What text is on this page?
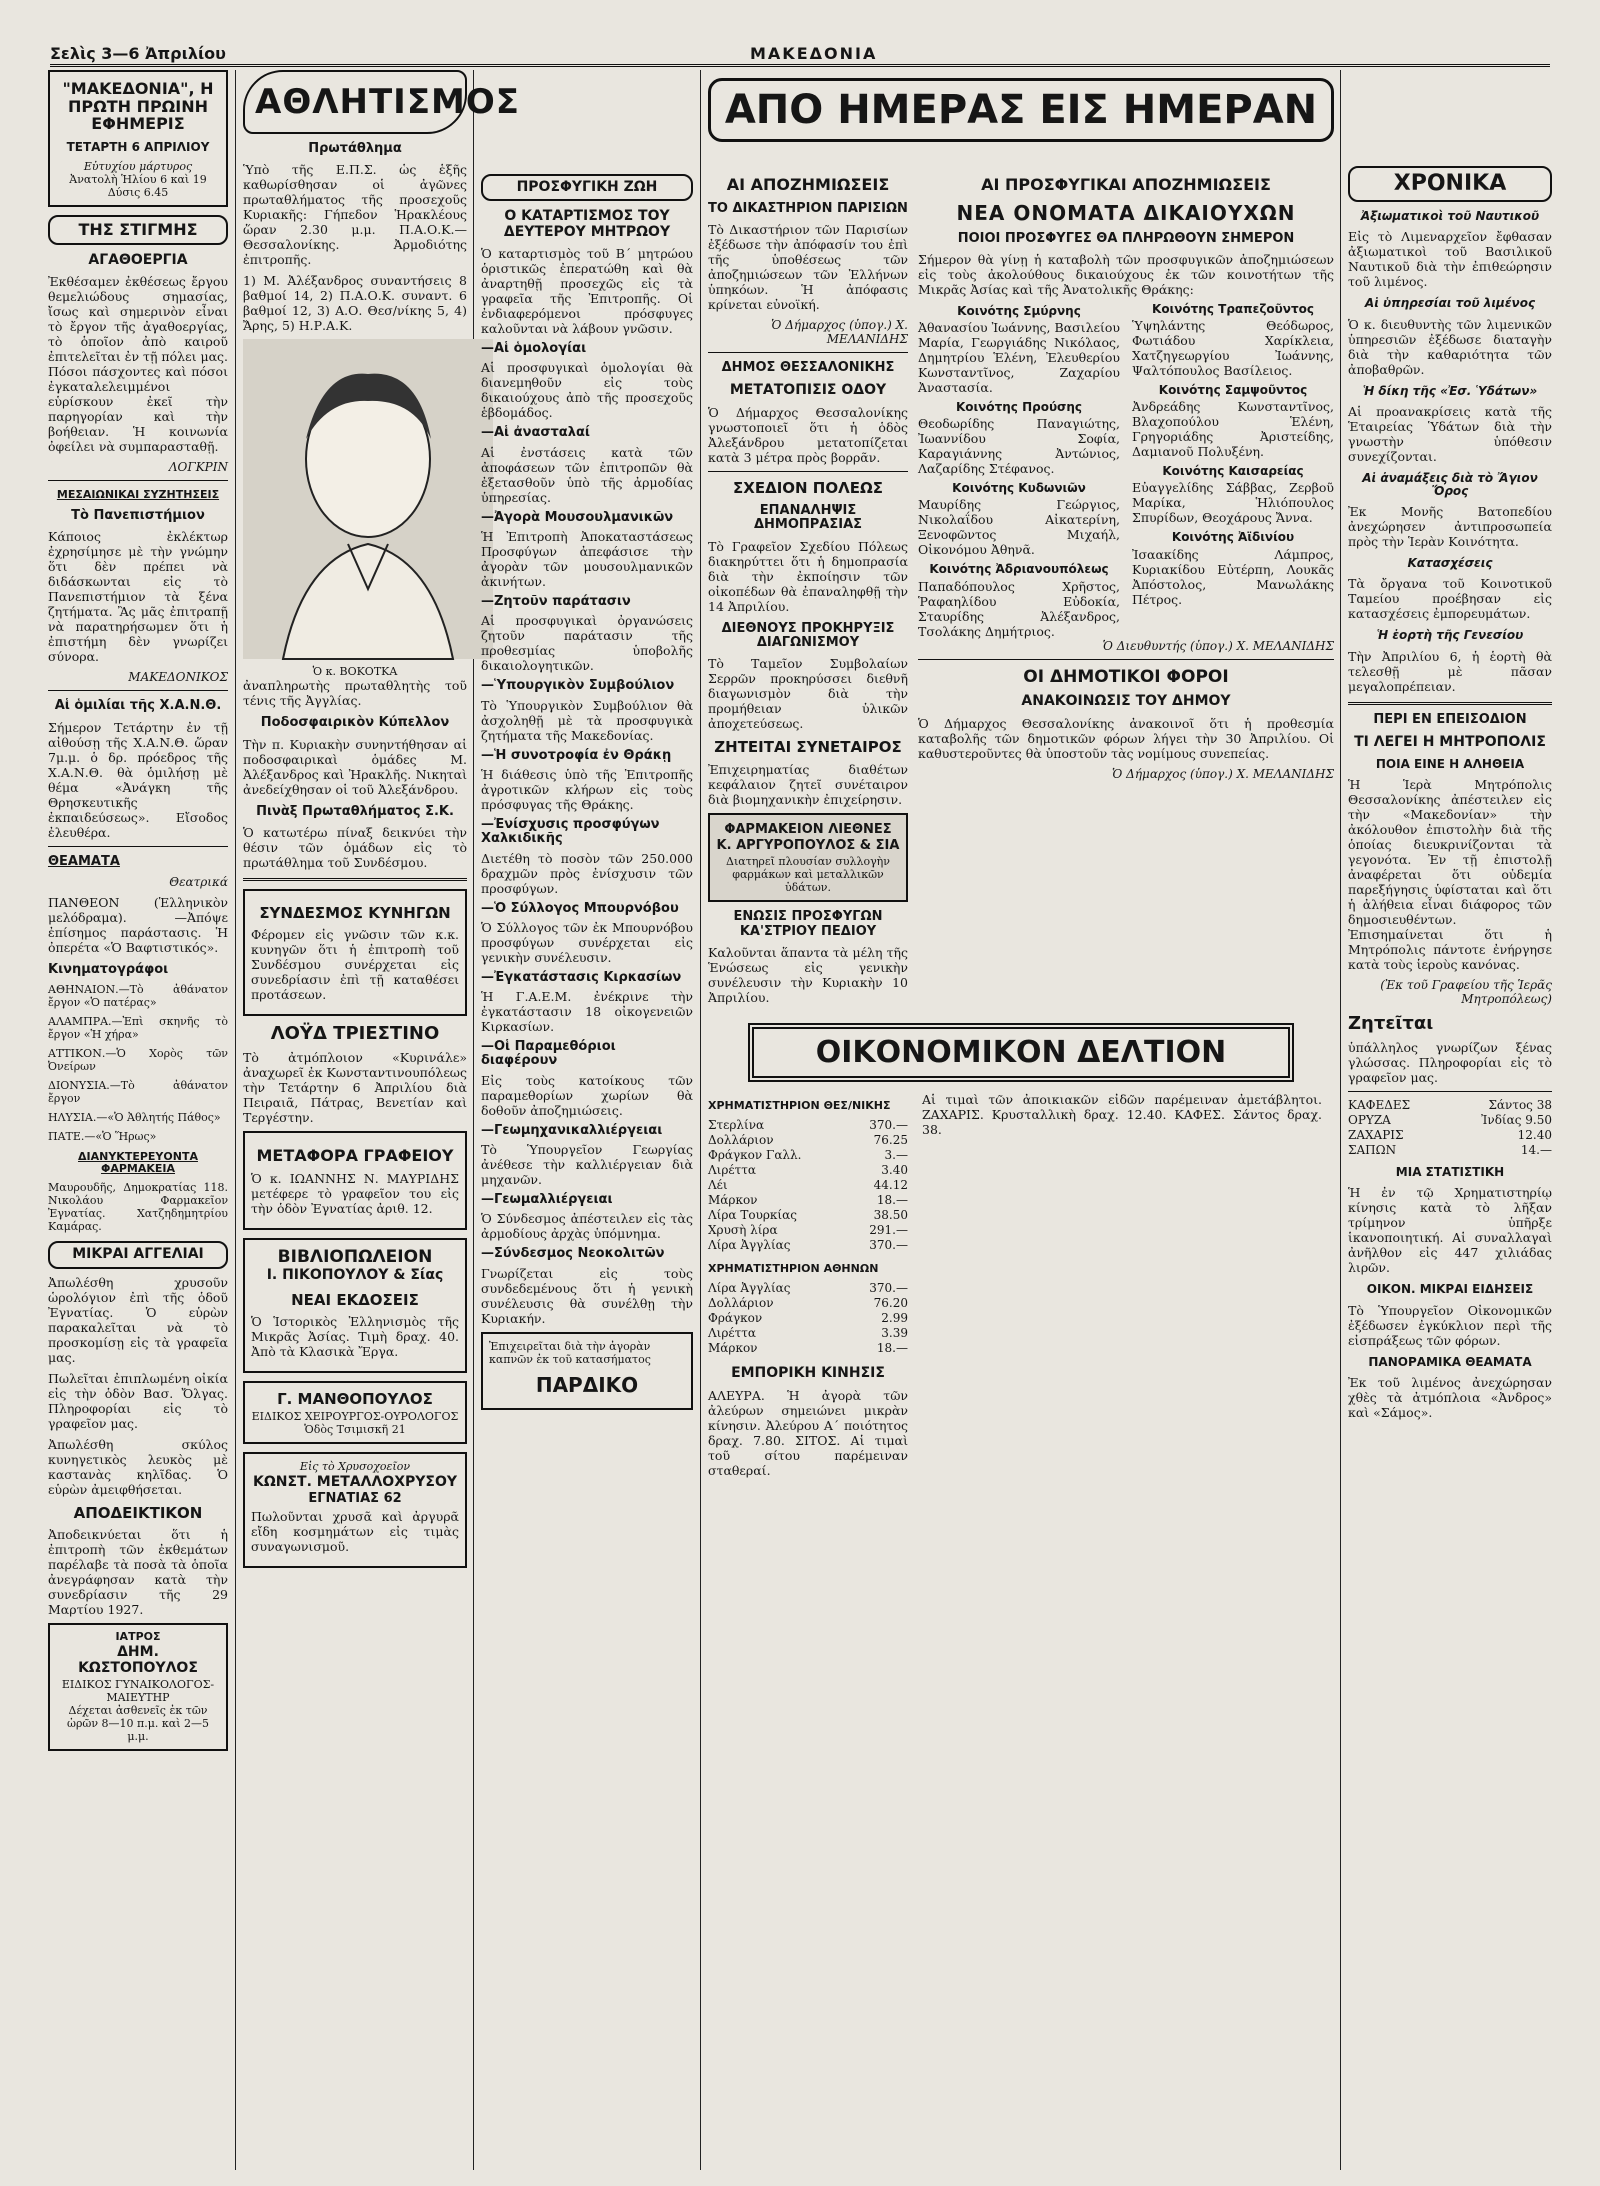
Σελὶς 3—6 Ἀπριλίου	ΜΑΚΕΔΟΝΙΑ
"ΜΑΚΕΔΟΝΙΑ", Η ΠΡΩΤΗ ΠΡΩΙΝΗ ΕΦΗΜΕΡΙΣ
ΤΕΤΑΡΤΗ 6 ΑΠΡΙΛΙΟΥ
Εὐτυχίου μάρτυρος
Ἀνατολὴ Ἡλίου 6 καὶ 19 Δύσις 6.45
ΤΗΣ ΣΤΙΓΜΗΣ
ΑΓΑΘΟΕΡΓΙΑ

Ἐκθέσαμεν ἐκθέσεως ἔργου θεμελιώδους σημασίας, ἴσως καὶ σημερινὸν εἶναι τὸ ἔργον τῆς ἀγαθοεργίας, τὸ ὁποῖον ἀπὸ καιροῦ ἐπιτελεῖται ἐν τῇ πόλει μας. Πόσοι πάσχοντες καὶ πόσοι ἐγκαταλελειμμένοι εὑρίσκουν ἐκεῖ τὴν παρηγορίαν καὶ τὴν βοήθειαν. Ἡ κοινωνία ὀφείλει νὰ συμπαρασταθῇ.

ΛΟΓΚΡΙΝ
ΜΕΣΑΙΩΝΙΚΑΙ ΣΥΖΗΤΗΣΕΙΣ
Τὸ Πανεπιστήμιον

Κάποιος ἐκλέκτωρ ἐχρησίμησε μὲ τὴν γνώμην ὅτι δὲν πρέπει νὰ διδάσκωνται εἰς τὸ Πανεπιστήμιον τὰ ξένα ζητήματα. Ἂς μᾶς ἐπιτραπῇ νὰ παρατηρήσωμεν ὅτι ἡ ἐπιστήμη δὲν γνωρίζει σύνορα.

ΜΑΚΕΔΟΝΙΚΟΣ
Αἱ ὁμιλίαι τῆς Χ.Α.Ν.Θ.

Σήμερον Τετάρτην ἐν τῇ αἰθούσῃ τῆς Χ.Α.Ν.Θ. ὥραν 7μ.μ. ὁ δρ. πρόεδρος τῆς Χ.Α.Ν.Θ. θὰ ὁμιλήσῃ μὲ θέμα «Ἀνάγκη τῆς Θρησκευτικῆς ἐκπαιδεύσεως». Εἴσοδος ἐλευθέρα.

ΘΕΑΜΑΤΑ
Θεατρικά

ΠΑΝΘΕΟΝ (Ἑλληνικὸν μελόδραμα). —Ἀπόψε ἐπίσημος παράστασις. Ἡ ὀπερέτα «Ὁ Βαφτιστικός».

Κινηματογράφοι

ΑΘΗΝΑΙΟΝ.—Τὸ ἀθάνατον ἔργον «Ὁ πατέρας»

ΑΛΑΜΠΡΑ.—Ἐπὶ σκηνῆς τὸ ἔργον «Ἡ χήρα»

ΑΤΤΙΚΟΝ.—Ὁ Χορὸς τῶν Ὀνείρων

ΔΙΟΝΥΣΙΑ.—Τὸ ἀθάνατον ἔργον

ΗΛΥΣΙΑ.—«Ὁ Ἀθλητής Πάθος»

ΠΑΤΕ.—«Ὁ Ἥρως»

ΔΙΑΝΥΚΤΕΡΕΥΟΝΤΑ ΦΑΡΜΑΚΕΙΑ

Μαυρουδῆς, Δημοκρατίας 118. Νικολάου Φαρμακεῖον Ἐγνατίας. Χατζηδημητρίου Καμάρας.

ΜΙΚΡΑΙ ΑΓΓΕΛΙΑΙ

Ἀπωλέσθη χρυσοῦν ὡρολόγιον ἐπὶ τῆς ὁδοῦ Ἐγνατίας. Ὁ εὑρὼν παρακαλεῖται νὰ τὸ προσκομίσῃ εἰς τὰ γραφεῖα μας.

Πωλεῖται ἐπιπλωμένη οἰκία εἰς τὴν ὁδὸν Βασ. Ὄλγας. Πληροφορίαι εἰς τὸ γραφεῖον μας.

Ἀπωλέσθη σκύλος κυνηγετικὸς λευκὸς μὲ καστανὰς κηλῖδας. Ὁ εὑρὼν ἀμειφθήσεται.

ΑΠΟΔΕΙΚΤΙΚΟΝ

Ἀποδεικνύεται ὅτι ἡ ἐπιτροπὴ τῶν ἐκθεμάτων παρέλαβε τὰ ποσὰ τὰ ὁποῖα ἀνεγράφησαν κατὰ τὴν συνεδρίασιν τῆς 29 Μαρτίου 1927.

ΙΑΤΡΟΣ
ΔΗΜ. ΚΩΣΤΟΠΟΥΛΟΣ
ΕΙΔΙΚΟΣ ΓΥΝΑΙΚΟΛΟΓΟΣ-ΜΑΙΕΥΤΗΡ
Δέχεται ἀσθενεῖς ἐκ τῶν ὡρῶν 8—10 π.μ. καὶ 2—5 μ.μ.
ΑΘΛΗΤΙΣΜΟΣ
Πρωτάθλημα

Ὑπὸ τῆς Ε.Π.Σ. ὡς ἑξῆς καθωρίσθησαν οἱ ἀγῶνες πρωταθλήματος τῆς προσεχοῦς Κυριακῆς: Γήπεδον Ἡρακλέους ὥραν 2.30 μ.μ. Π.Α.Ο.Κ.—Θεσσαλονίκης. Ἀρμοδιότης ἐπιτροπῆς.

1) Μ. Ἀλέξανδρος συναντήσεις 8 βαθμοί 14, 2) Π.Α.Ο.Κ. συναντ. 6 βαθμοί 12, 3) Α.Ο. Θεσ/νίκης 5, 4) Ἄρης, 5) Η.Ρ.Α.Κ.

Ὁ κ. ΒΟΚΟΤΚΑ

ἀναπληρωτὴς πρωταθλητὴς τοῦ τένις τῆς Ἀγγλίας.

Ποδοσφαιρικὸν Κύπελλον

Τὴν π. Κυριακὴν συνηντήθησαν αἱ ποδοσφαιρικαὶ ὁμάδες Μ. Ἀλέξανδρος καὶ Ἠρακλῆς. Νικηταὶ ἀνεδείχθησαν οἱ τοῦ Ἀλεξάνδρου.

Πινὰξ Πρωταθλήματος Σ.Κ.

Ὁ κατωτέρω πίναξ δεικνύει τὴν θέσιν τῶν ὁμάδων εἰς τὸ πρωτάθλημα τοῦ Συνδέσμου.

ΣΥΝΔΕΣΜΟΣ ΚΥΝΗΓΩΝ

Φέρομεν εἰς γνῶσιν τῶν κ.κ. κυνηγῶν ὅτι ἡ ἐπιτροπὴ τοῦ Συνδέσμου συνέρχεται εἰς συνεδρίασιν ἐπὶ τῇ καταθέσει προτάσεων.

ΛΟΫΔ ΤΡΙΕΣΤΙΝΟ

Τὸ ἀτμόπλοιον «Κυρινάλε» ἀναχωρεῖ ἐκ Κωνσταντινουπόλεως τὴν Τετάρτην 6 Ἀπριλίου διὰ Πειραιᾶ, Πάτρας, Βενετίαν καὶ Τεργέστην.

ΜΕΤΑΦΟΡΑ ΓΡΑΦΕΙΟΥ

Ὁ κ. ΙΩΑΝΝΗΣ Ν. ΜΑΥΡΙΔΗΣ μετέφερε τὸ γραφεῖον του εἰς τὴν ὁδὸν Ἐγνατίας ἀριθ. 12.

ΒΙΒΛΙΟΠΩΛΕΙΟΝ
Ι. ΠΙΚΟΠΟΥΛΟΥ & Σίας
ΝΕΑΙ ΕΚΔΟΣΕΙΣ

Ὁ Ἱστορικὸς Ἑλληνισμὸς τῆς Μικρᾶς Ἀσίας. Τιμὴ δραχ. 40. Ἀπὸ τὰ Κλασικὰ Ἔργα.

Γ. ΜΑΝΘΟΠΟΥΛΟΣ
ΕΙΔΙΚΟΣ ΧΕΙΡΟΥΡΓΟΣ-ΟΥΡΟΛΟΓΟΣ
Ὁδὸς Τσιμισκῆ 21
Εἰς τὸ Χρυσοχοεῖον
ΚΩΝΣΤ. ΜΕΤΑΛΛΟΧΡΥΣΟΥ
ΕΓΝΑΤΙΑΣ 62

Πωλοῦνται χρυσᾶ καὶ ἀργυρᾶ εἴδη κοσμημάτων εἰς τιμὰς συναγωνισμοῦ.

ΑΠΟ ΗΜΕΡΑΣ ΕΙΣ ΗΜΕΡΑΝ
ΠΡΟΣΦΥΓΙΚΗ ΖΩΗ
Ο ΚΑΤΑΡΤΙΣΜΟΣ ΤΟΥ ΔΕΥΤΕΡΟΥ ΜΗΤΡΩΟΥ

Ὁ καταρτισμὸς τοῦ Β΄ μητρώου ὁριστικῶς ἐπερατώθη καὶ θὰ ἀναρτηθῇ προσεχῶς εἰς τὰ γραφεῖα τῆς Ἐπιτροπῆς. Οἱ ἐνδιαφερόμενοι πρόσφυγες καλοῦνται νὰ λάβουν γνῶσιν.

—Αἱ ὁμολογίαι

Αἱ προσφυγικαὶ ὁμολογίαι θὰ διανεμηθοῦν εἰς τοὺς δικαιούχους ἀπὸ τῆς προσεχοῦς ἑβδομάδος.

—Αἱ ἀνασταλαί

Αἱ ἐνστάσεις κατὰ τῶν ἀποφάσεων τῶν ἐπιτροπῶν θὰ ἐξετασθοῦν ὑπὸ τῆς ἀρμοδίας ὑπηρεσίας.

—Ἀγορὰ Μουσουλμανικῶν

Ἡ Ἐπιτροπὴ Ἀποκαταστάσεως Προσφύγων ἀπεφάσισε τὴν ἀγορὰν τῶν μουσουλμανικῶν ἀκινήτων.

—Ζητοῦν παράτασιν

Αἱ προσφυγικαὶ ὀργανώσεις ζητοῦν παράτασιν τῆς προθεσμίας ὑποβολῆς δικαιολογητικῶν.

—Ὑπουργικὸν Συμβούλιον

Τὸ Ὑπουργικὸν Συμβούλιον θὰ ἀσχοληθῇ μὲ τὰ προσφυγικὰ ζητήματα τῆς Μακεδονίας.

—Ἡ συνοτροφία ἐν Θράκῃ

Ἡ διάθεσις ὑπὸ τῆς Ἐπιτροπῆς ἀγροτικῶν κλήρων εἰς τοὺς πρόσφυγας τῆς Θράκης.

—Ἐνίσχυσις προσφύγων Χαλκιδικῆς

Διετέθη τὸ ποσὸν τῶν 250.000 δραχμῶν πρὸς ἐνίσχυσιν τῶν προσφύγων.

—Ὁ Σύλλογος Μπουρνόβου

Ὁ Σύλλογος τῶν ἐκ Μπουρνόβου προσφύγων συνέρχεται εἰς γενικὴν συνέλευσιν.

—Ἐγκατάστασις Κιρκασίων

Ἡ Γ.Α.Ε.Μ. ἐνέκρινε τὴν ἐγκατάστασιν 18 οἰκογενειῶν Κιρκασίων.

—Οἱ Παραμεθόριοι διαφέρουν

Εἰς τοὺς κατοίκους τῶν παραμεθορίων χωρίων θὰ δοθοῦν ἀποζημιώσεις.

—Γεωμηχανικαλλιέργειαι

Τὸ Ὑπουργεῖον Γεωργίας ἀνέθεσε τὴν καλλιέργειαν διὰ μηχανῶν.

—Γεωμαλλιέργειαι

Ὁ Σύνδεσμος ἀπέστειλεν εἰς τὰς ἀρμοδίους ἀρχὰς ὑπόμνημα.

—Σύνδεσμος Νεοκολιτῶν

Γνωρίζεται εἰς τοὺς συνδεδεμένους ὅτι ἡ γενικὴ συνέλευσις θὰ συνέλθῃ τὴν Κυριακήν.

Ἐπιχειρεῖται διὰ τὴν ἀγορὰν καπνῶν ἐκ τοῦ κατασήματος
ΠΑΡΔΙΚΟ
ΑΙ ΑΠΟΖΗΜΙΩΣΕΙΣ
ΤΟ ΔΙΚΑΣΤΗΡΙΟΝ ΠΑΡΙΣΙΩΝ

Τὸ Δικαστήριον τῶν Παρισίων ἐξέδωσε τὴν ἀπόφασίν του ἐπὶ τῆς ὑποθέσεως τῶν ἀποζημιώσεων τῶν Ἑλλήνων ὑπηκόων. Ἡ ἀπόφασις κρίνεται εὐνοϊκή.

Ὁ Δήμαρχος (ὑπογ.) Χ. ΜΕΛΑΝΙΔΗΣ
ΔΗΜΟΣ ΘΕΣΣΑΛΟΝΙΚΗΣ
ΜΕΤΑΤΟΠΙΣΙΣ ΟΔΟΥ

Ὁ Δήμαρχος Θεσσαλονίκης γνωστοποιεῖ ὅτι ἡ ὁδὸς Ἀλεξάνδρου μετατοπίζεται κατὰ 3 μέτρα πρὸς βορρᾶν.

ΣΧΕΔΙΟΝ ΠΟΛΕΩΣ
ΕΠΑΝΑΛΗΨΙΣ ΔΗΜΟΠΡΑΣΙΑΣ

Τὸ Γραφεῖον Σχεδίου Πόλεως διακηρύττει ὅτι ἡ δημοπρασία διὰ τὴν ἐκποίησιν τῶν οἰκοπέδων θὰ ἐπαναληφθῇ τὴν 14 Ἀπριλίου.

ΔΙΕΘΝΟΥΣ ΠΡΟΚΗΡΥΞΙΣ ΔΙΑΓΩΝΙΣΜΟΥ

Τὸ Ταμεῖον Συμβολαίων Σερρῶν προκηρύσσει διεθνῆ διαγωνισμὸν διὰ τὴν προμήθειαν ὑλικῶν ἀποχετεύσεως.

ΖΗΤΕΙΤΑΙ ΣΥΝΕΤΑΙΡΟΣ

Ἐπιχειρηματίας διαθέτων κεφάλαιον ζητεῖ συνέταιρον διὰ βιομηχανικὴν ἐπιχείρησιν.

ΦΑΡΜΑΚΕΙΟΝ ΛΙΕΘΝΕΣ
Κ. ΑΡΓΥΡΟΠΟΥΛΟΣ & ΣΙΑ
Διατηρεῖ πλουσίαν συλλογὴν φαρμάκων καὶ μεταλλικῶν ὑδάτων.
ΕΝΩΣΙΣ ΠΡΟΣΦΥΓΩΝ ΚΑ'ΣΤΡΙΟΥ ΠΕΔΙΟΥ

Καλοῦνται ἅπαντα τὰ μέλη τῆς Ἑνώσεως εἰς γενικὴν συνέλευσιν τὴν Κυριακὴν 10 Ἀπριλίου.

ΑΙ ΠΡΟΣΦΥΓΙΚΑΙ ΑΠΟΖΗΜΙΩΣΕΙΣ
ΝΕΑ ΟΝΟΜΑΤΑ ΔΙΚΑΙΟΥΧΩΝ
ΠΟΙΟΙ ΠΡΟΣΦΥΓΕΣ ΘΑ ΠΛΗΡΩΘΟΥΝ ΣΗΜΕΡΟΝ

Σήμερον θὰ γίνῃ ἡ καταβολὴ τῶν προσφυγικῶν ἀποζημιώσεων εἰς τοὺς ἀκολούθους δικαιούχους ἐκ τῶν κοινοτήτων τῆς Μικρᾶς Ἀσίας καὶ τῆς Ἀνατολικῆς Θράκης:

Κοινότης Σμύρνης

Ἀθανασίου Ἰωάννης, Βασιλείου Μαρία, Γεωργιάδης Νικόλαος, Δημητρίου Ἑλένη, Ἐλευθερίου Κωνσταντῖνος, Ζαχαρίου Ἀναστασία.

Κοινότης Προύσης

Θεοδωρίδης Παναγιώτης, Ἰωαννίδου Σοφία, Καραγιάννης Ἀντώνιος, Λαζαρίδης Στέφανος.

Κοινότης Κυδωνιῶν

Μαυρίδης Γεώργιος, Νικολαΐδου Αἰκατερίνη, Ξενοφῶντος Μιχαήλ, Οἰκονόμου Ἀθηνᾶ.

Κοινότης Ἀδριανουπόλεως

Παπαδόπουλος Χρῆστος, Ῥαφαηλίδου Εὐδοκία, Σταυρίδης Ἀλέξανδρος, Τσολάκης Δημήτριος.

Κοινότης Τραπεζοῦντος

Ὑψηλάντης Θεόδωρος, Φωτιάδου Χαρίκλεια, Χατζηγεωργίου Ἰωάννης, Ψαλτόπουλος Βασίλειος.

Κοινότης Σαμψοῦντος

Ἀνδρεάδης Κωνσταντῖνος, Βλαχοπούλου Ἑλένη, Γρηγοριάδης Ἀριστείδης, Δαμιανοῦ Πολυξένη.

Κοινότης Καισαρείας

Εὐαγγελίδης Σάββας, Ζερβοῦ Μαρίκα, Ἡλιόπουλος Σπυρίδων, Θεοχάρους Ἄννα.

Κοινότης Ἀϊδινίου

Ἰσαακίδης Λάμπρος, Κυριακίδου Εὐτέρπη, Λουκᾶς Ἀπόστολος, Μανωλάκης Πέτρος.

Ὁ Διευθυντής (ὑπογ.) Χ. ΜΕΛΑΝΙΔΗΣ
ΟΙ ΔΗΜΟΤΙΚΟΙ ΦΟΡΟΙ
ΑΝΑΚΟΙΝΩΣΙΣ ΤΟΥ ΔΗΜΟΥ

Ὁ Δήμαρχος Θεσσαλονίκης ἀνακοινοῖ ὅτι ἡ προθεσμία καταβολῆς τῶν δημοτικῶν φόρων λήγει τὴν 30 Ἀπριλίου. Οἱ καθυστεροῦντες θὰ ὑποστοῦν τὰς νομίμους συνεπείας.

Ὁ Δήμαρχος (ὑπογ.) Χ. ΜΕΛΑΝΙΔΗΣ
ΟΙΚΟΝΟΜΙΚΟΝ ΔΕΛΤΙΟΝ
ΧΡΗΜΑΤΙΣΤΗΡΙΟΝ ΘΕΣ/ΝΙΚΗΣ
Στερλίνα	370.—
Δολλάριον	76.25
Φράγκον Γαλλ.	3.—
Λιρέττα	3.40
Λέι	44.12
Μάρκον	18.—
Λίρα Τουρκίας	38.50
Χρυσὴ λίρα	291.—
Λίρα Ἀγγλίας	370.—
ΧΡΗΜΑΤΙΣΤΗΡΙΟΝ ΑΘΗΝΩΝ
Λίρα Ἀγγλίας	370.—
Δολλάριον	76.20
Φράγκον	2.99
Λιρέττα	3.39
Μάρκον	18.—
ΕΜΠΟΡΙΚΗ ΚΙΝΗΣΙΣ

ΑΛΕΥΡΑ. Ἡ ἀγορὰ τῶν ἀλεύρων σημειώνει μικρὰν κίνησιν. Ἀλεύρου Α΄ ποιότητος δραχ. 7.80. ΣΙΤΟΣ. Αἱ τιμαὶ τοῦ σίτου παρέμειναν σταθεραί.

Αἱ τιμαὶ τῶν ἀποικιακῶν εἰδῶν παρέμειναν ἀμετάβλητοι. ΖΑΧΑΡΙΣ. Κρυσταλλικὴ δραχ. 12.40. ΚΑΦΕΣ. Σάντος δραχ. 38.

ΧΡΟΝΙΚΑ
Ἀξιωματικοὶ τοῦ Ναυτικοῦ

Εἰς τὸ Λιμεναρχεῖον ἔφθασαν ἀξιωματικοὶ τοῦ Βασιλικοῦ Ναυτικοῦ διὰ τὴν ἐπιθεώρησιν τοῦ λιμένος.

Αἱ ὑπηρεσίαι τοῦ λιμένος

Ὁ κ. διευθυντὴς τῶν λιμενικῶν ὑπηρεσιῶν ἐξέδωσε διαταγὴν διὰ τὴν καθαριότητα τῶν ἀποβαθρῶν.

Ἡ δίκη τῆς «Ἐσ. Ὑδάτων»

Αἱ προανακρίσεις κατὰ τῆς Ἑταιρείας Ὑδάτων διὰ τὴν γνωστὴν ὑπόθεσιν συνεχίζονται.

Αἱ ἀναμάξεις διὰ τὸ Ἄγιον Ὄρος

Ἐκ Μονῆς Βατοπεδίου ἀνεχώρησεν ἀντιπροσωπεία πρὸς τὴν Ἱερὰν Κοινότητα.

Κατασχέσεις

Τὰ ὄργανα τοῦ Κοινοτικοῦ Ταμείου προέβησαν εἰς κατασχέσεις ἐμπορευμάτων.

Ἡ ἑορτὴ τῆς Γενεσίου

Τὴν Ἀπριλίου 6, ἡ ἑορτὴ θὰ τελεσθῇ μὲ πᾶσαν μεγαλοπρέπειαν.

ΠΕΡΙ ΕΝ ΕΠΕΙΣΟΔΙΟΝ
ΤΙ ΛΕΓΕΙ Η ΜΗΤΡΟΠΟΛΙΣ
ΠΟΙΑ ΕΙΝΕ Η ΑΛΗΘΕΙΑ

Ἡ Ἱερὰ Μητρόπολις Θεσσαλονίκης ἀπέστειλεν εἰς τὴν «Μακεδονίαν» τὴν ἀκόλουθον ἐπιστολὴν διὰ τῆς ὁποίας διευκρινίζονται τὰ γεγονότα. Ἐν τῇ ἐπιστολῇ ἀναφέρεται ὅτι οὐδεμία παρεξήγησις ὑφίσταται καὶ ὅτι ἡ ἀλήθεια εἶναι διάφορος τῶν δημοσιευθέντων. Ἐπισημαίνεται ὅτι ἡ Μητρόπολις πάντοτε ἐνήργησε κατὰ τοὺς ἱεροὺς κανόνας.

(Ἐκ τοῦ Γραφείου τῆς Ἱερᾶς Μητροπόλεως)
Ζητεῖται

ὑπάλληλος γνωρίζων ξένας γλώσσας. Πληροφορίαι εἰς τὸ γραφεῖον μας.

ΚΑΦΕΔΕΣ	Σάντος 38
ΟΡΥΖΑ	Ἰνδίας 9.50
ΖΑΧΑΡΙΣ	12.40
ΣΑΠΩΝ	14.—
ΜΙΑ ΣΤΑΤΙΣΤΙΚΗ

Ἡ ἐν τῷ Χρηματιστηρίῳ κίνησις κατὰ τὸ λῆξαν τρίμηνον ὑπῆρξε ἱκανοποιητική. Αἱ συναλλαγαὶ ἀνῆλθον εἰς 447 χιλιάδας λιρῶν.

ΟΙΚΟΝ. ΜΙΚΡΑΙ ΕΙΔΗΣΕΙΣ

Τὸ Ὑπουργεῖον Οἰκονομικῶν ἐξέδωσεν ἐγκύκλιον περὶ τῆς εἰσπράξεως τῶν φόρων.

ΠΑΝΟΡΑΜΙΚΑ ΘΕΑΜΑΤΑ

Ἐκ τοῦ λιμένος ἀνεχώρησαν χθὲς τὰ ἀτμόπλοια «Ἀνδρος» καὶ «Σάμος».
